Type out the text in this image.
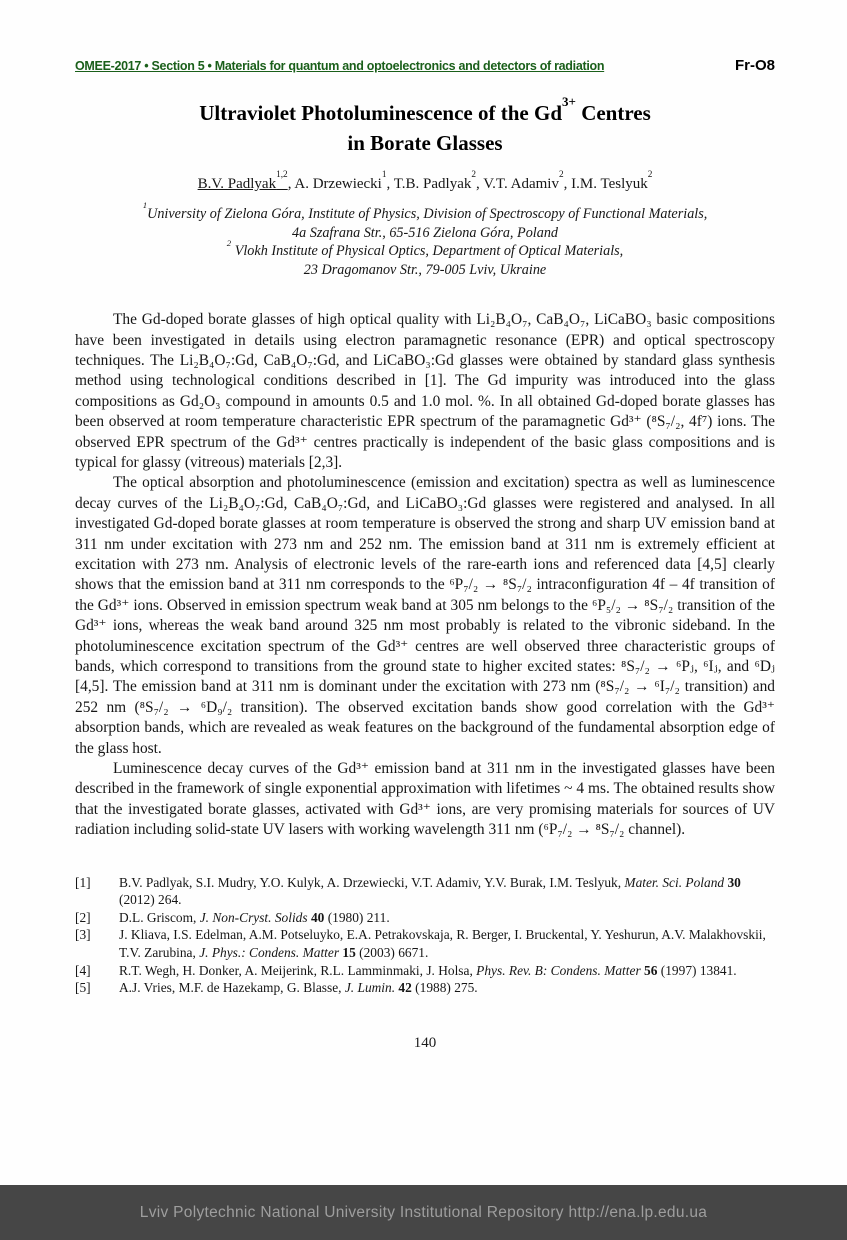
OMEE-2017 • Section 5 • Materials for quantum and optoelectronics and detectors of radiation	Fr-O8
Ultraviolet Photoluminescence of the $Gd^{3+}$ Centres
in Borate Glasses

B.V. Padlyak$^{1,2}$, A. Drzewiecki$^1$, T.B. Padlyak$^2$, V.T. Adamiv$^2$, I.M. Teslyuk$^2$

$^1$University of Zielona Góra, Institute of Physics, Division of Spectroscopy of Functional Materials,
4a Szafrana Str., 65-516 Zielona Góra, Poland
$^2$ Vlokh Institute of Physical Optics, Department of Optical Materials,
23 Dragomanov Str., 79-005 Lviv, Ukraine

The Gd-doped borate glasses of high optical quality with Li₂B₄O₇, CaB₄O₇, LiCaBO₃ basic compositions have been investigated in details using electron paramagnetic resonance (EPR) and optical spectroscopy techniques. The Li₂B₄O₇:Gd, CaB₄O₇:Gd, and LiCaBO₃:Gd glasses were obtained by standard glass synthesis method using technological conditions described in [1]. The Gd impurity was introduced into the glass compositions as Gd₂O₃ compound in amounts 0.5 and 1.0 mol. %. In all obtained Gd-doped borate glasses has been observed at room temperature characteristic EPR spectrum of the paramagnetic Gd³⁺ (⁸S₇/₂, 4f⁷) ions. The observed EPR spectrum of the Gd³⁺ centres practically is independent of the basic glass compositions and is typical for glassy (vitreous) materials [2,3].

The optical absorption and photoluminescence (emission and excitation) spectra as well as luminescence decay curves of the Li₂B₄O₇:Gd, CaB₄O₇:Gd, and LiCaBO₃:Gd glasses were registered and analysed. In all investigated Gd-doped borate glasses at room temperature is observed the strong and sharp UV emission band at 311 nm under excitation with 273 nm and 252 nm. The emission band at 311 nm is extremely efficient at excitation with 273 nm. Analysis of electronic levels of the rare-earth ions and referenced data [4,5] clearly shows that the emission band at 311 nm corresponds to the ⁶P₇/₂ → ⁸S₇/₂ intraconfiguration 4f – 4f transition of the Gd³⁺ ions. Observed in emission spectrum weak band at 305 nm belongs to the ⁶P₅/₂ → ⁸S₇/₂ transition of the Gd³⁺ ions, whereas the weak band around 325 nm most probably is related to the vibronic sideband. In the photoluminescence excitation spectrum of the Gd³⁺ centres are well observed three characteristic groups of bands, which correspond to transitions from the ground state to higher excited states: ⁸S₇/₂ → ⁶Pⱼ, ⁶Iⱼ, and ⁶Dⱼ [4,5]. The emission band at 311 nm is dominant under the excitation with 273 nm (⁸S₇/₂ → ⁶I₇/₂ transition) and 252 nm (⁸S₇/₂ → ⁶D₉/₂ transition). The observed excitation bands show good correlation with the Gd³⁺ absorption bands, which are revealed as weak features on the background of the fundamental absorption edge of the glass host.

Luminescence decay curves of the Gd³⁺ emission band at 311 nm in the investigated glasses have been described in the framework of single exponential approximation with lifetimes ~ 4 ms. The obtained results show that the investigated borate glasses, activated with Gd³⁺ ions, are very promising materials for sources of UV radiation including solid-state UV lasers with working wavelength 311 nm (⁶P₇/₂ → ⁸S₇/₂ channel).

[1]	B.V. Padlyak, S.I. Mudry, Y.O. Kulyk, A. Drzewiecki, V.T. Adamiv, Y.V. Burak, I.M. Teslyuk, Mater. Sci. Poland 30 (2012) 264.
[2]	D.L. Griscom, J. Non-Cryst. Solids 40 (1980) 211.
[3]	J. Kliava, I.S. Edelman, A.M. Potseluyko, E.A. Petrakovskaja, R. Berger, I. Bruckental, Y. Yeshurun, A.V. Malakhovskii, T.V. Zarubina, J. Phys.: Condens. Matter 15 (2003) 6671.
[4]	R.T. Wegh, H. Donker, A. Meijerink, R.L. Lamminmaki, J. Holsa, Phys. Rev. B: Condens. Matter 56 (1997) 13841.
[5]	A.J. Vries, M.F. de Hazekamp, G. Blasse, J. Lumin. 42 (1988) 275.
140
Lviv Polytechnic National University Institutional Repository http://ena.lp.edu.ua
